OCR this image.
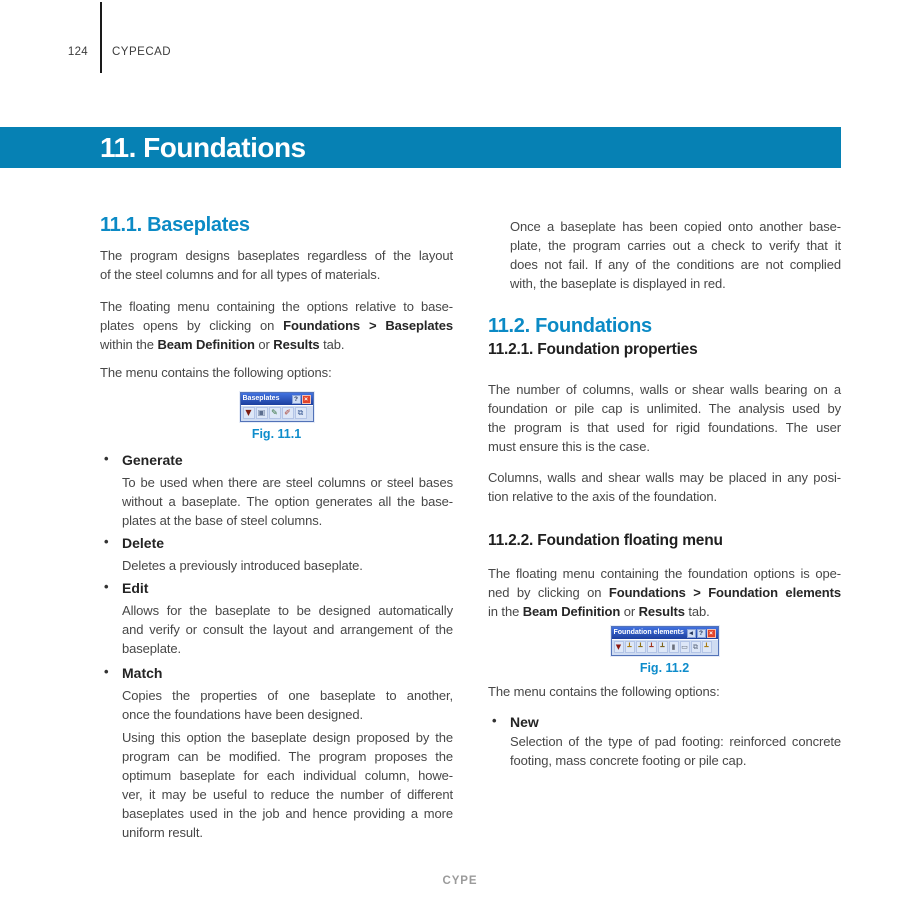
124 CYPECAD
11. Foundations
11.1. Baseplates
The program designs baseplates regardless of the layout
of the steel columns and for all types of materials.
The floating menu containing the options relative to base-
plates opens by clicking on Foundations > Baseplates
within the Beam Definition or Results tab.
The menu contains the following options:
Baseplates	? ×
▼ ▣ ✎ ✐ ⧉
Fig. 11.1
• Generate
To be used when there are steel columns or steel bases
without a baseplate. The option generates all the base-
plates at the base of steel columns.
• Delete
Deletes a previously introduced baseplate.
• Edit
Allows for the baseplate to be designed automatically
and verify or consult the layout and arrangement of the
baseplate.
• Match
Copies the properties of one baseplate to another,
once the foundations have been designed.
Using this option the baseplate design proposed by the
program can be modified. The program proposes the
optimum baseplate for each individual column, howe-
ver, it may be useful to reduce the number of different
baseplates used in the job and hence providing a more
uniform result.
Once a baseplate has been copied onto another base-
plate, the program carries out a check to verify that it
does not fail. If any of the conditions are not complied
with, the baseplate is displayed in red.
11.2. Foundations
11.2.1. Foundation properties
The number of columns, walls or shear walls bearing on a
foundation or pile cap is unlimited. The analysis used by
the program is that used for rigid foundations. The user
must ensure this is the case.
Columns, walls and shear walls may be placed in any posi-
tion relative to the axis of the foundation.
11.2.2. Foundation floating menu
The floating menu containing the foundation options is ope-
ned by clicking on Foundations > Foundation elements
in the Beam Definition or Results tab.
Foundation elements ◄ ? ×
▼ ┻ ┻ ┻ ┻ ▮ ▭ ⧉ ┻
Fig. 11.2
The menu contains the following options:
• New
Selection of the type of pad footing: reinforced concrete
footing, mass concrete footing or pile cap.
CYPE
